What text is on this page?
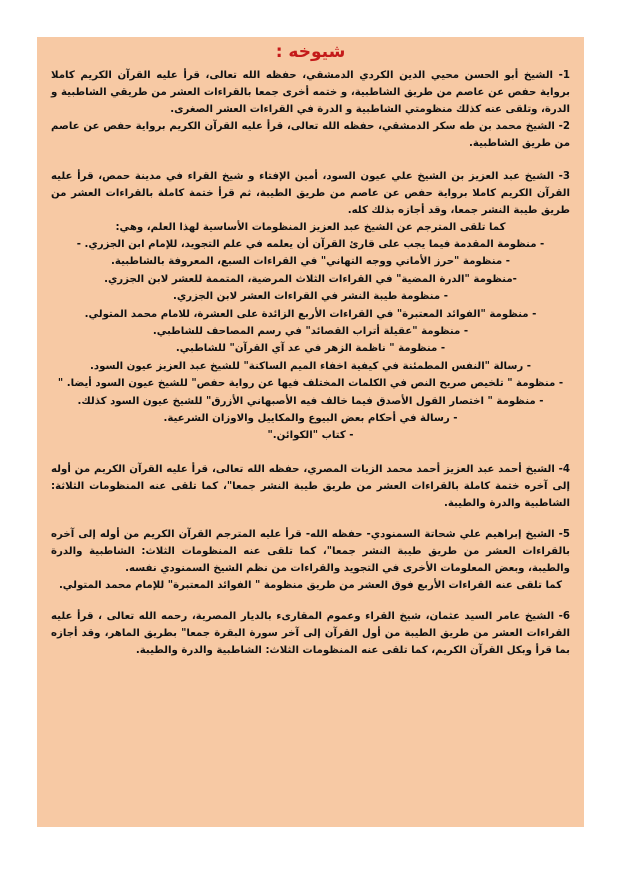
شيوخه :

1- الشيخ أبو الحسن محيي الدين الكردي الدمشقي، حفظه الله تعالى، قرأ عليه القرآن الكريم كاملا برواية حفص عن عاصم من طريق الشاطبية، و ختمه أخرى جمعا بالقراءات العشر من طريقي الشاطبية و الدرة، وتلقى عنه كذلك منظومتي الشاطبية و الدرة في القراءات العشر الصغرى.

2- الشيخ محمد بن طه سكر الدمشقي، حفظه الله تعالى، قرأ عليه القرآن الكريم برواية حفص عن عاصم من طريق الشاطبية.

3- الشيخ عبد العزيز بن الشيخ علي عيون السود، أمين الإفتاء و شيخ القراء في مدينة حمص، قرأ عليه القرآن الكريم كاملا برواية حفص عن عاصم من طريق الطيبة، ثم قرأ ختمة كاملة بالقراءات العشر من طريق طيبة النشر جمعا، وقد أجازه بذلك كله.

كما تلقى المترجم عن الشيخ عبد العزيز المنظومات الأساسية لهذا العلم، وهي:

- منظومة المقدمة فيما يجب على قارئ القرآن أن يعلمه في علم التجويد، للإمام ابن الجزري. -

- منظومة "حرز الأماني ووجه التهاني" في القراءات السبع، المعروفة بالشاطبية.

-منظومة "الدرة المضية" في القراءات الثلاث المرضية، المتممة للعشر لابن الجزري.

- منظومة طيبة النشر في القراءات العشر لابن الجزري.

- منظومة "الفوائد المعتبرة" في القراءات الأربع الزائدة على العشرة، للامام محمد المتولي.

- منظومة "عقيلة أتراب القصائد" في رسم المصاحف للشاطبي.

- منظومة " ناظمة الزهر في عد آي القرآن" للشاطبي.

- رسالة "النفس المطمئنة في كيفية اخفاء الميم الساكنة" للشيخ عبد العزيز عيون السود.

- منظومة " تلخيص صريح النص في الكلمات المختلف فيها عن رواية حفص" للشيخ عيون السود أيضا. "

- منظومة " اختصار القول الأصدق فيما خالف فيه الأصبهاني الأزرق" للشيخ عيون السود كذلك.

- رسالة في أحكام بعض البيوع والمكاييل والاوزان الشرعية.

- كتاب "الكوائن."

4- الشيخ أحمد عبد العزيز أحمد محمد الزيات المصري، حفظه الله تعالى، قرأ عليه القرآن الكريم من أوله إلى آخره ختمة كاملة بالقراءات العشر من طريق طيبة النشر جمعا"، كما تلقى عنه المنظومات الثلاثة: الشاطبية والدرة والطيبة.

5- الشيخ إبراهيم علي شحاتة السمنودي- حفظه الله- قرأ عليه المترجم القرآن الكريم من أوله إلى آخره بالقراءات العشر من طريق طيبة النشر جمعا"، كما تلقى عنه المنظومات الثلاث: الشاطبية والدرة والطيبة، وبعض المعلومات الأخرى في التجويد والقراءات من نظم الشيخ السمنودي نفسه.

كما تلقى عنه القراءات الأربع فوق العشر من طريق منظومة " الفوائد المعتبرة" للإمام محمد المتولي.

6- الشيخ عامر السيد عثمان، شيخ القراء وعموم المقارىء بالديار المصرية، رحمه الله تعالى ، قرأ عليه القراءات العشر من طريق الطيبة من أول القرآن إلى آخر سورة البقرة جمعا" بطريق الماهر، وقد أجازه بما قرأ وبكل القرآن الكريم، كما تلقى عنه المنظومات الثلاث: الشاطبية والدرة والطيبة.
